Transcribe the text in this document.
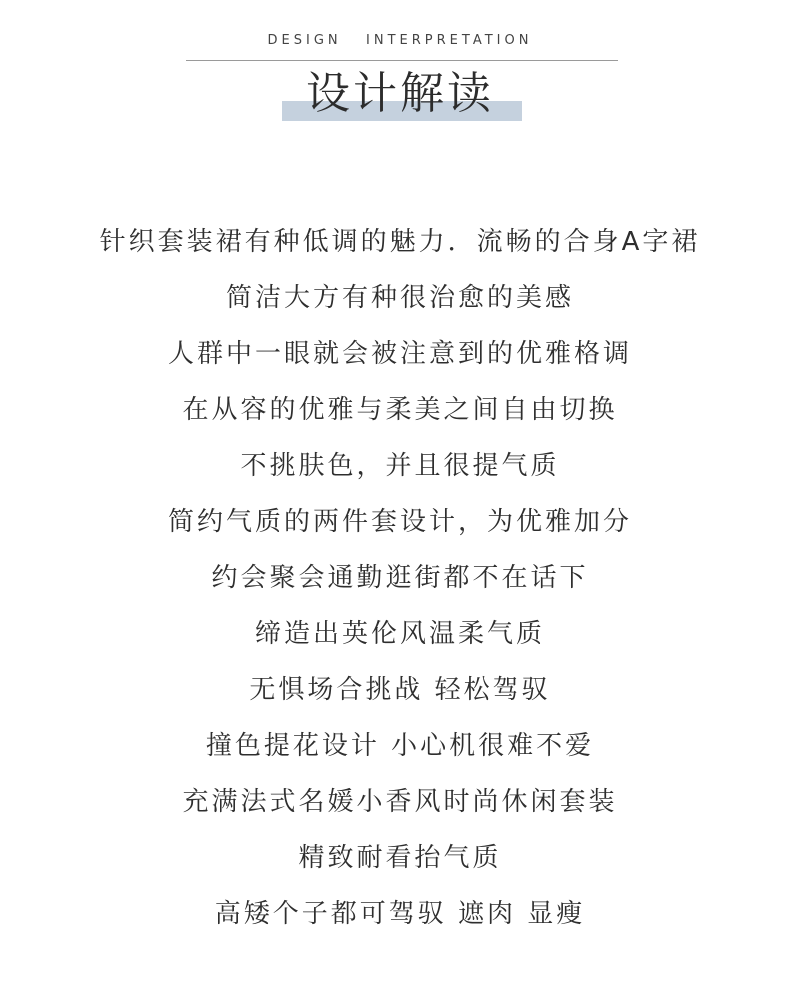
DESIGN   INTERPRETATION
设计解读
针织套装裙有种低调的魅力．流畅的合身A字裙
简洁大方有种很治愈的美感
人群中一眼就会被注意到的优雅格调
在从容的优雅与柔美之间自由切换
不挑肤色，并且很提气质
简约气质的两件套设计，为优雅加分
约会聚会通勤逛街都不在话下
缔造出英伦风温柔气质
无惧场合挑战 轻松驾驭
撞色提花设计 小心机很难不爱
充满法式名媛小香风时尚休闲套装
精致耐看抬气质
高矮个子都可驾驭 遮肉 显瘦
